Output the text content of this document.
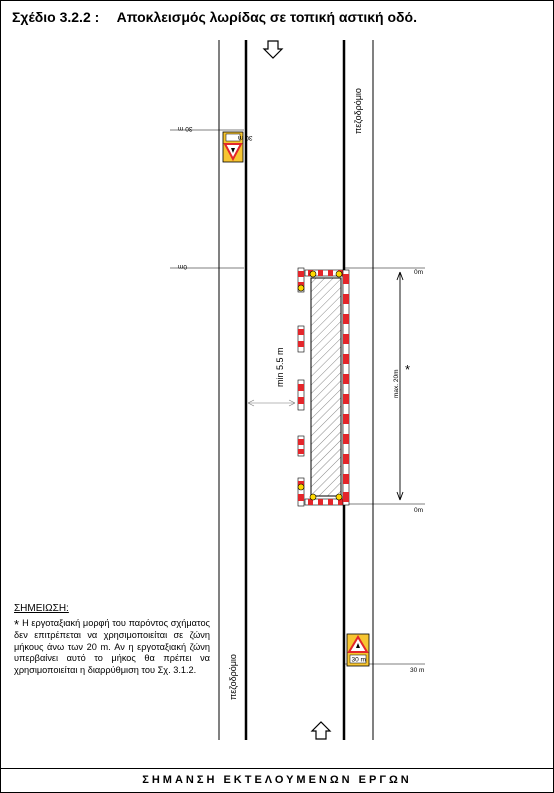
Σχέδιο 3.2.2 : Αποκλεισμός λωρίδας σε τοπική αστική οδό.
πεζοδρόμιο
πεζοδρόμιο
30 m
0m
0m
0m
30 m
min 5.5 m	max. 20m *
30 m
30 m
ΣΗΜΕΙΩΣΗ:
* Η εργοταξιακή μορφή του παρόντος σχήματος δεν επιτρέπεται να χρησιμοποιείται σε ζώνη μήκους άνω των 20 m. Αν η εργοταξιακή ζώνη υπερβαίνει αυτό το μήκος θα πρέπει να χρησιμοποιείται η διαρρύθμιση του Σχ. 3.1.2.
ΣΗΜΑΝΣΗ ΕΚΤΕΛΟΥΜΕΝΩΝ ΕΡΓΩΝ
